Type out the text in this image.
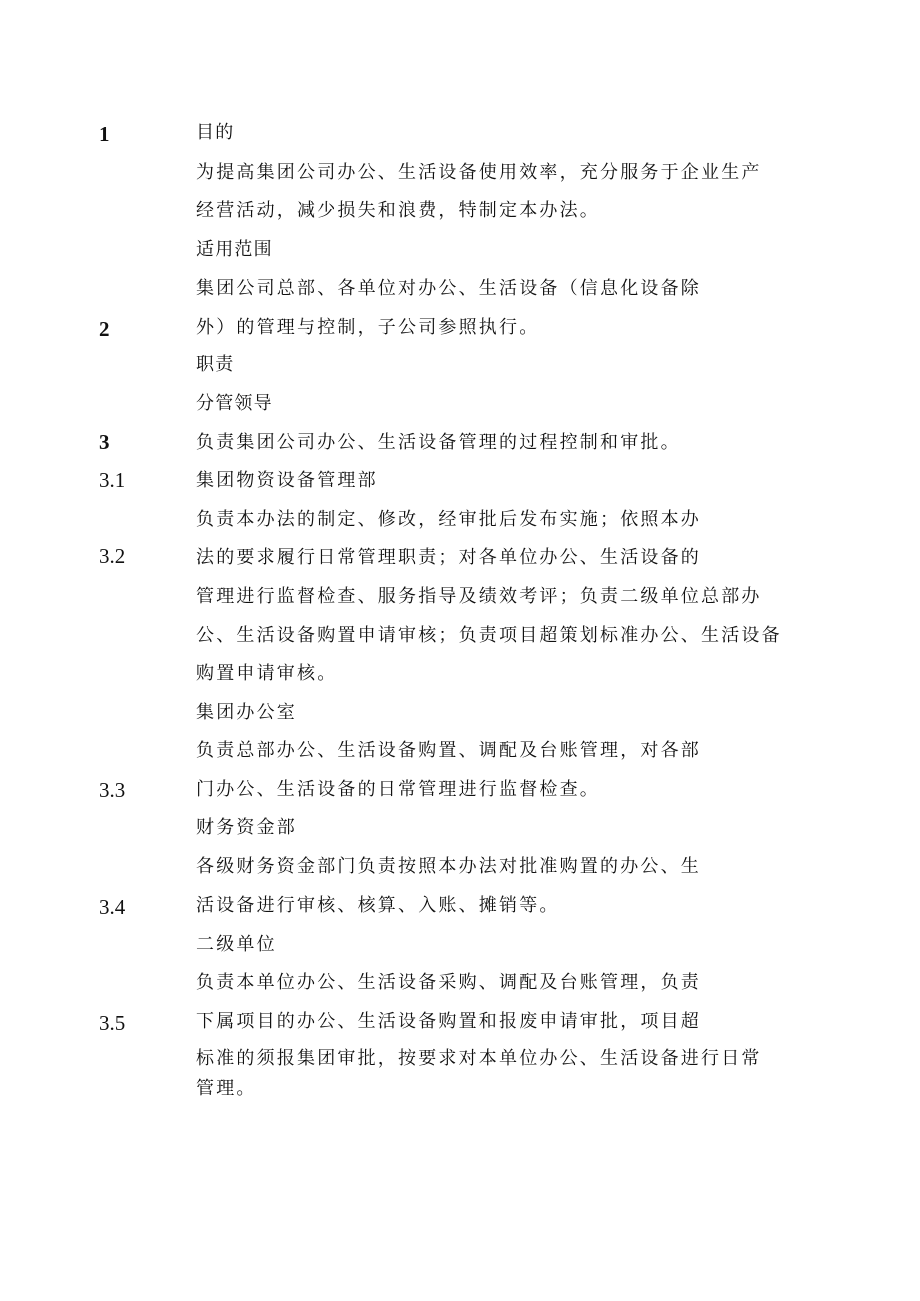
1
2
3
3.1
3.2
3.3
3.4
3.5
目的
为提高集团公司办公、生活设备使用效率，充分服务于企业生产
经营活动，减少损失和浪费，特制定本办法。
适用范围
集团公司总部、各单位对办公、生活设备（信息化设备除
外）的管理与控制，子公司参照执行。
职责
分管领导
负责集团公司办公、生活设备管理的过程控制和审批。
集团物资设备管理部
负责本办法的制定、修改，经审批后发布实施；依照本办
法的要求履行日常管理职责；对各单位办公、生活设备的
管理进行监督检查、服务指导及绩效考评；负责二级单位总部办
公、生活设备购置申请审核；负责项目超策划标准办公、生活设备
购置申请审核。
集团办公室
负责总部办公、生活设备购置、调配及台账管理，对各部
门办公、生活设备的日常管理进行监督检查。
财务资金部
各级财务资金部门负责按照本办法对批准购置的办公、生
活设备进行审核、核算、入账、摊销等。
二级单位
负责本单位办公、生活设备采购、调配及台账管理，负责
下属项目的办公、生活设备购置和报废申请审批，项目超
标准的须报集团审批，按要求对本单位办公、生活设备进行日常
管理。
